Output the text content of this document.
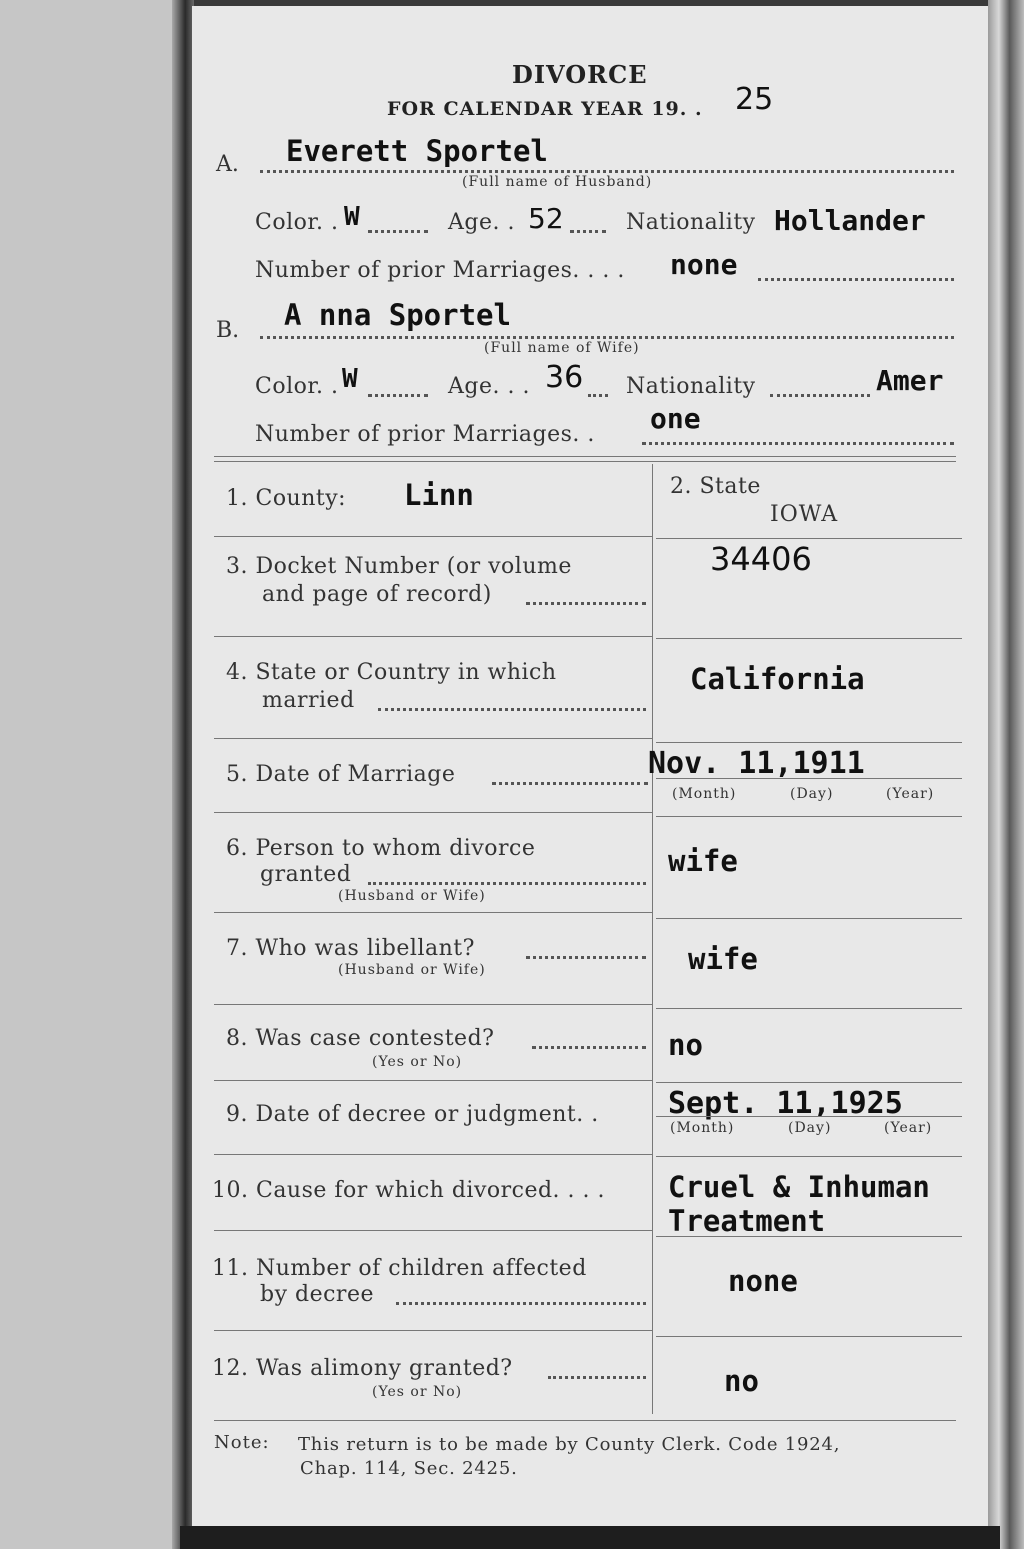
DIVORCE
FOR CALENDAR YEAR 19. . 25
A. Everett Sportel
(Full name of Husband)
Color. . W	Age. . 52	Nationality Hollander
Number of prior Marriages. . . . none
B. A nna Sportel
(Full name of Wife)
Color. . W	Age. . . 36 Nationality	Amer
Number of prior Marriages. . one
1. County: Linn	2. State
IOWA
3. Docket Number (or volume
and page of record)
34406
4. State or Country in which
married
California
5. Date of Marriage	Nov. 11,1911
(Month)	(Day)	(Year)
6. Person to whom divorce
granted
(Husband or Wife)
wife
7. Who was libellant?
(Husband or Wife)	wife
8. Was case contested?
(Yes or No)	no
9. Date of decree or judgment. . Sept. 11,1925
(Month)	(Day)	(Year)
10. Cause for which divorced. . . . Cruel & Inhuman
Treatment
11. Number of children affected
by decree	none
12. Was alimony granted?
(Yes or No)	no
Note: This return is to be made by County Clerk. Code 1924,
Chap. 114, Sec. 2425.
